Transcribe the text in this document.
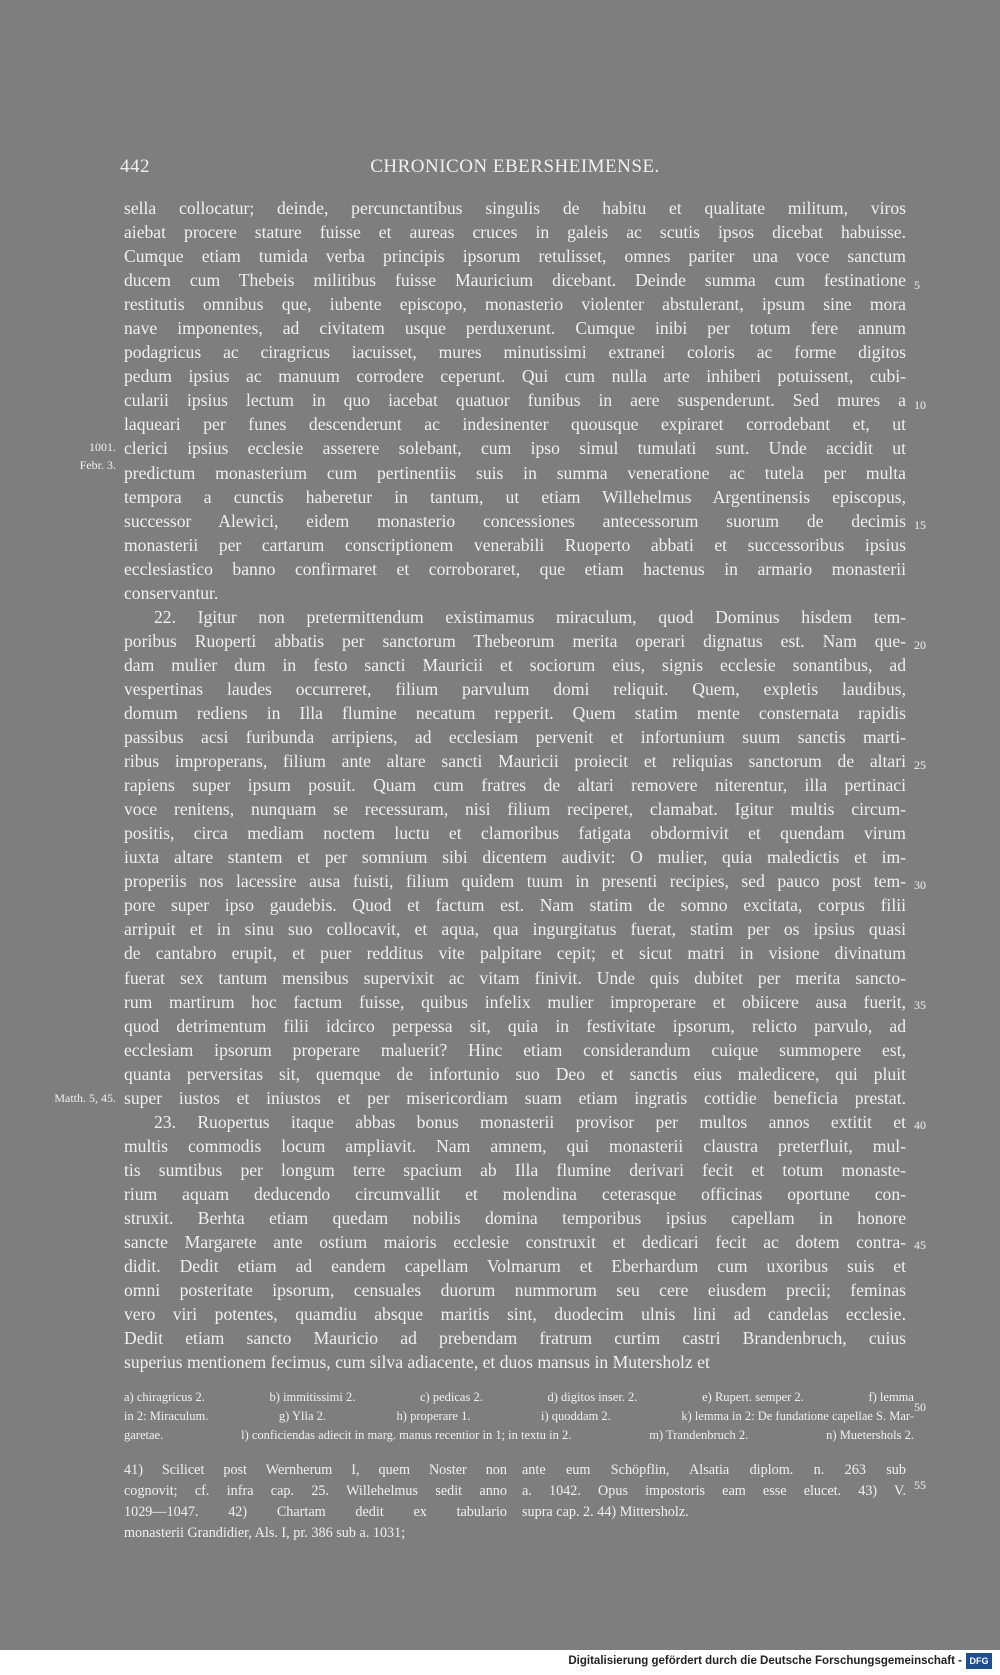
442	CHRONICON EBERSHEIMENSE.
sella collocatur; deinde, percunctantibus singulis de habitu et qualitate militum, viros
aiebat procere stature fuisse et aureas cruces in galeis ac scutis ipsos dicebat habuisse.
Cumque etiam tumida verba principis ipsorum retulisset, omnes pariter una voce sanctum
ducem cum Thebeis militibus fuisse Mauricium dicebant. Deinde summa cum festinatione
restitutis omnibus que, iubente episcopo, monasterio violenter abstulerant, ipsum sine mora
nave imponentes, ad civitatem usque perduxerunt. Cumque inibi per totum fere annum
podagricus ac ciragricus iacuisset, mures minutissimi extranei coloris ac forme digitos
pedum ipsius ac manuum corrodere ceperunt. Qui cum nulla arte inhiberi potuissent, cubi-
cularii ipsius lectum in quo iacebat quatuor funibus in aere suspenderunt. Sed mures a
laqueari per funes descenderunt ac indesinenter quousque expiraret corrodebant et, ut
clerici ipsius ecclesie asserere solebant, cum ipso simul tumulati sunt. Unde accidit ut
predictum monasterium cum pertinentiis suis in summa veneratione ac tutela per multa
tempora a cunctis haberetur in tantum, ut etiam Willehelmus Argentinensis episcopus,
successor Alewici, eidem monasterio concessiones antecessorum suorum de decimis
monasterii per cartarum conscriptionem venerabili Ruoperto abbati et successoribus ipsius
ecclesiastico banno confirmaret et corroboraret, que etiam hactenus in armario monasterii
conservantur.
22. Igitur non pretermittendum existimamus miraculum, quod Dominus hisdem tem-
poribus Ruoperti abbatis per sanctorum Thebeorum merita operari dignatus est. Nam que-
dam mulier dum in festo sancti Mauricii et sociorum eius, signis ecclesie sonantibus, ad
vespertinas laudes occurreret, filium parvulum domi reliquit. Quem, expletis laudibus,
domum rediens in Illa flumine necatum repperit. Quem statim mente consternata rapidis
passibus acsi furibunda arripiens, ad ecclesiam pervenit et infortunium suum sanctis marti-
ribus improperans, filium ante altare sancti Mauricii proiecit et reliquias sanctorum de altari
rapiens super ipsum posuit. Quam cum fratres de altari removere niterentur, illa pertinaci
voce renitens, nunquam se recessuram, nisi filium reciperet, clamabat. Igitur multis circum-
positis, circa mediam noctem luctu et clamoribus fatigata obdormivit et quendam virum
iuxta altare stantem et per somnium sibi dicentem audivit: O mulier, quia maledictis et im-
properiis nos lacessire ausa fuisti, filium quidem tuum in presenti recipies, sed pauco post tem-
pore super ipso gaudebis. Quod et factum est. Nam statim de somno excitata, corpus filii
arripuit et in sinu suo collocavit, et aqua, qua ingurgitatus fuerat, statim per os ipsius quasi
de cantabro erupit, et puer redditus vite palpitare cepit; et sicut matri in visione divinatum
fuerat sex tantum mensibus supervixit ac vitam finivit. Unde quis dubitet per merita sancto-
rum martirum hoc factum fuisse, quibus infelix mulier improperare et obiicere ausa fuerit,
quod detrimentum filii idcirco perpessa sit, quia in festivitate ipsorum, relicto parvulo, ad
ecclesiam ipsorum properare maluerit? Hinc etiam considerandum cuique summopere est,
quanta perversitas sit, quemque de infortunio suo Deo et sanctis eius maledicere, qui pluit
super iustos et iniustos et per misericordiam suam etiam ingratis cottidie beneficia prestat.
23. Ruopertus itaque abbas bonus monasterii provisor per multos annos extitit et
multis commodis locum ampliavit. Nam amnem, qui monasterii claustra preterfluit, mul-
tis sumtibus per longum terre spacium ab Illa flumine derivari fecit et totum monaste-
rium aquam deducendo circumvallit et molendina ceterasque officinas oportune con-
struxit. Berhta etiam quedam nobilis domina temporibus ipsius capellam in honore
sancte Margarete ante ostium maioris ecclesie construxit et dedicari fecit ac dotem contra-
didit. Dedit etiam ad eandem capellam Volmarum et Eberhardum cum uxoribus suis et
omni posteritate ipsorum, censuales duorum nummorum seu cere eiusdem precii; feminas
vero viri potentes, quamdiu absque maritis sint, duodecim ulnis lini ad candelas ecclesie.
Dedit etiam sancto Mauricio ad prebendam fratrum curtim castri Brandenbruch, cuius
superius mentionem fecimus, cum silva adiacente, et duos mansus in Mutersholz et
5
10
15
20
25
30
35
40
45
50
55
1001.
Febr. 3.
Matth. 5, 45.
a) chiragricus 2.	b) immitissimi 2.	c) pedicas 2.	d) digitos inser. 2.	e) Rupert. semper 2.	f) lemma
in 2: Miraculum.	g) Ylla 2.	h) properare 1.	i) quoddam 2.	k) lemma in 2: De fundatione capellae S. Mar-
garetae.	l) conficiendas adiecit in marg. manus recentior in 1; in textu in 2.	m) Trandenbruch 2.	n) Muetershols 2.
41) Scilicet post Wernherum I, quem Noster non
cognovit; cf. infra cap. 25. Willehelmus sedit anno
1029—1047. 42) Chartam dedit ex tabulario
monasterii Grandidier, Als. I, pr. 386 sub a. 1031;
ante eum Schöpflin, Alsatia diplom. n. 263 sub
a. 1042. Opus impostoris eam esse elucet. 43) V.
supra cap. 2. 44) Mittersholz.
Digitalisierung gefördert durch die Deutsche Forschungsgemeinschaft - DFG
